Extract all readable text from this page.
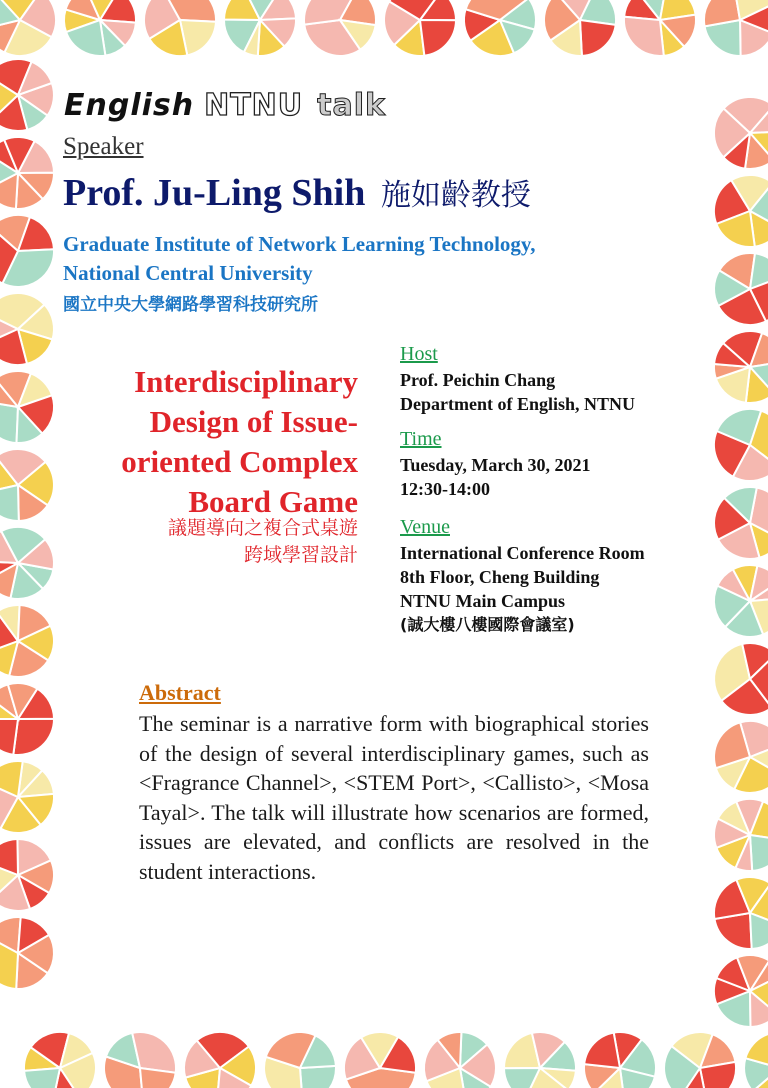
English NTNU talk
Speaker
Prof. Ju-Ling Shih 施如齡教授
Graduate Institute of Network Learning Technology,
National Central University
國立中央大學網路學習科技研究所
Interdisciplinary
Design of Issue-
oriented Complex
Board Game
議題導向之複合式桌遊
跨域學習設計
Host
Prof. Peichin Chang
Department of English, NTNU
Time
Tuesday, March 30, 2021
12:30-14:00
Venue
International Conference Room
8th Floor, Cheng Building
NTNU Main Campus
(誠大樓八樓國際會議室)
Abstract
The seminar is a narrative form with biographical stories of the design of several interdisciplinary games, such as <Fragrance Channel>, <STEM Port>, <Callisto>, <Mosa Tayal>. The talk will illustrate how scenarios are formed, issues are elevated, and conflicts are resolved in the student interactions.
